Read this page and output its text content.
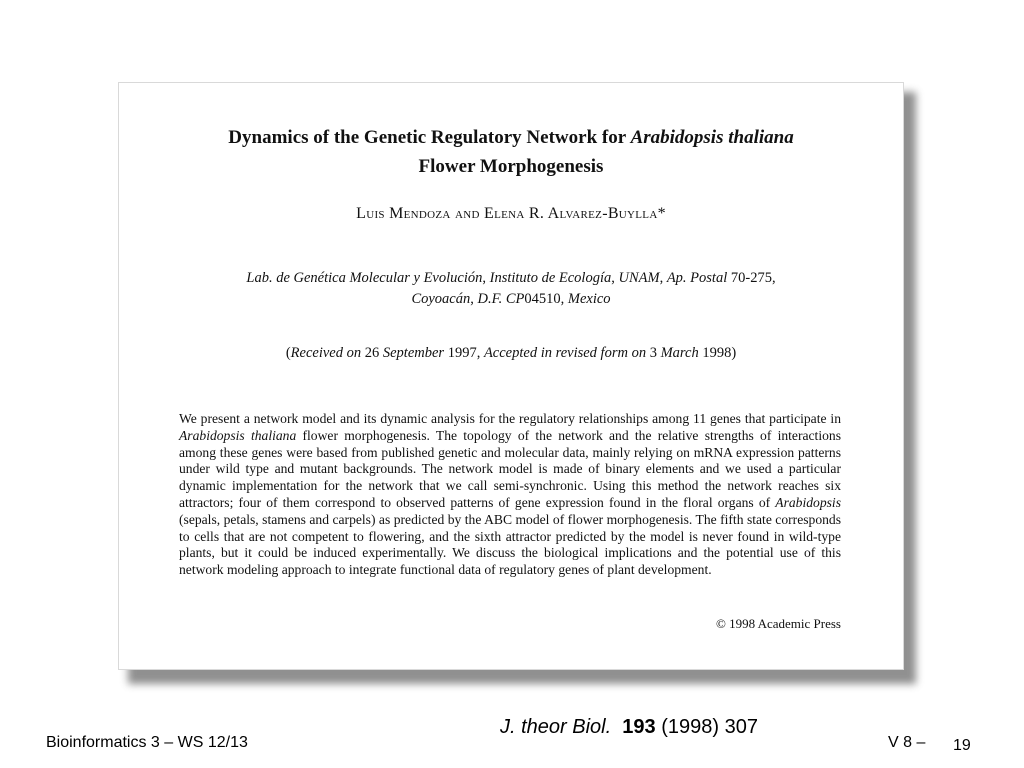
Dynamics of the Genetic Regulatory Network for Arabidopsis thaliana
Flower Morphogenesis
Luis Mendoza and Elena R. Alvarez-Buylla*
Lab. de Genética Molecular y Evolución, Instituto de Ecología, UNAM, Ap. Postal 70-275,
Coyoacán, D.F. CP04510, Mexico
(Received on 26 September 1997, Accepted in revised form on 3 March 1998)
We present a network model and its dynamic analysis for the regulatory relationships among 11 genes that participate in Arabidopsis thaliana flower morphogenesis. The topology of the network and the relative strengths of interactions among these genes were based from published genetic and molecular data, mainly relying on mRNA expression patterns under wild type and mutant backgrounds. The network model is made of binary elements and we used a particular dynamic implementation for the network that we call semi-synchronic. Using this method the network reaches six attractors; four of them correspond to observed patterns of gene expression found in the floral organs of Arabidopsis (sepals, petals, stamens and carpels) as predicted by the ABC model of flower morphogenesis. The fifth state corresponds to cells that are not competent to flowering, and the sixth attractor predicted by the model is never found in wild-type plants, but it could be induced experimentally. We discuss the biological implications and the potential use of this network modeling approach to integrate functional data of regulatory genes of plant development.
© 1998 Academic Press
J. theor Biol. 193 (1998) 307
Bioinformatics 3 – WS 12/13	V 8 – 19
